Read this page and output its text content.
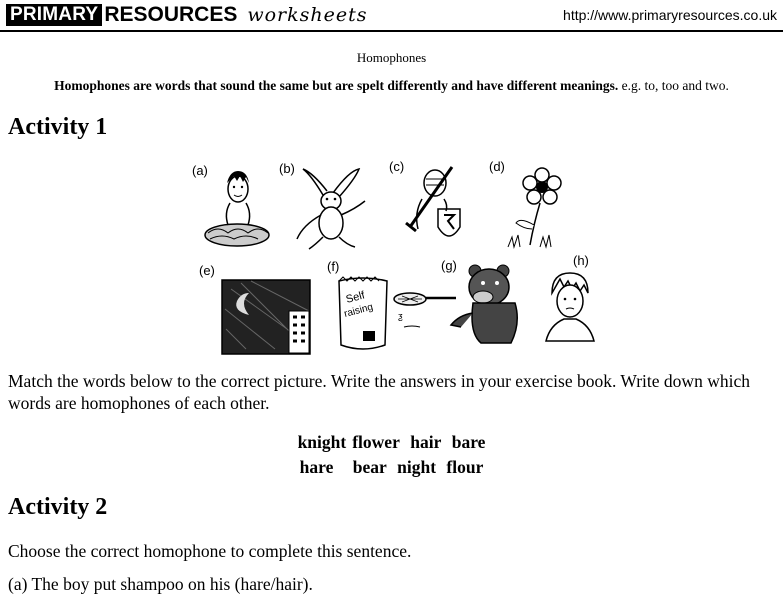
PRIMARY RESOURCES worksheets	http://www.primaryresources.co.uk
Homophones
Homophones are words that sound the same but are spelt differently and have different meanings. e.g. to, too and two.
Activity 1
(a)	(b)	(c)	(d)
(e)	(f)	(g)	(h)
Self
raising	ƺ
Match the words below to the correct picture. Write the answers in your exercise book. Write down which words are homophones of each other.
knight flower hair bare
hare bear night flour
Activity 2
Choose the correct homophone to complete this sentence.
(a) The boy put shampoo on his (hare/hair).
